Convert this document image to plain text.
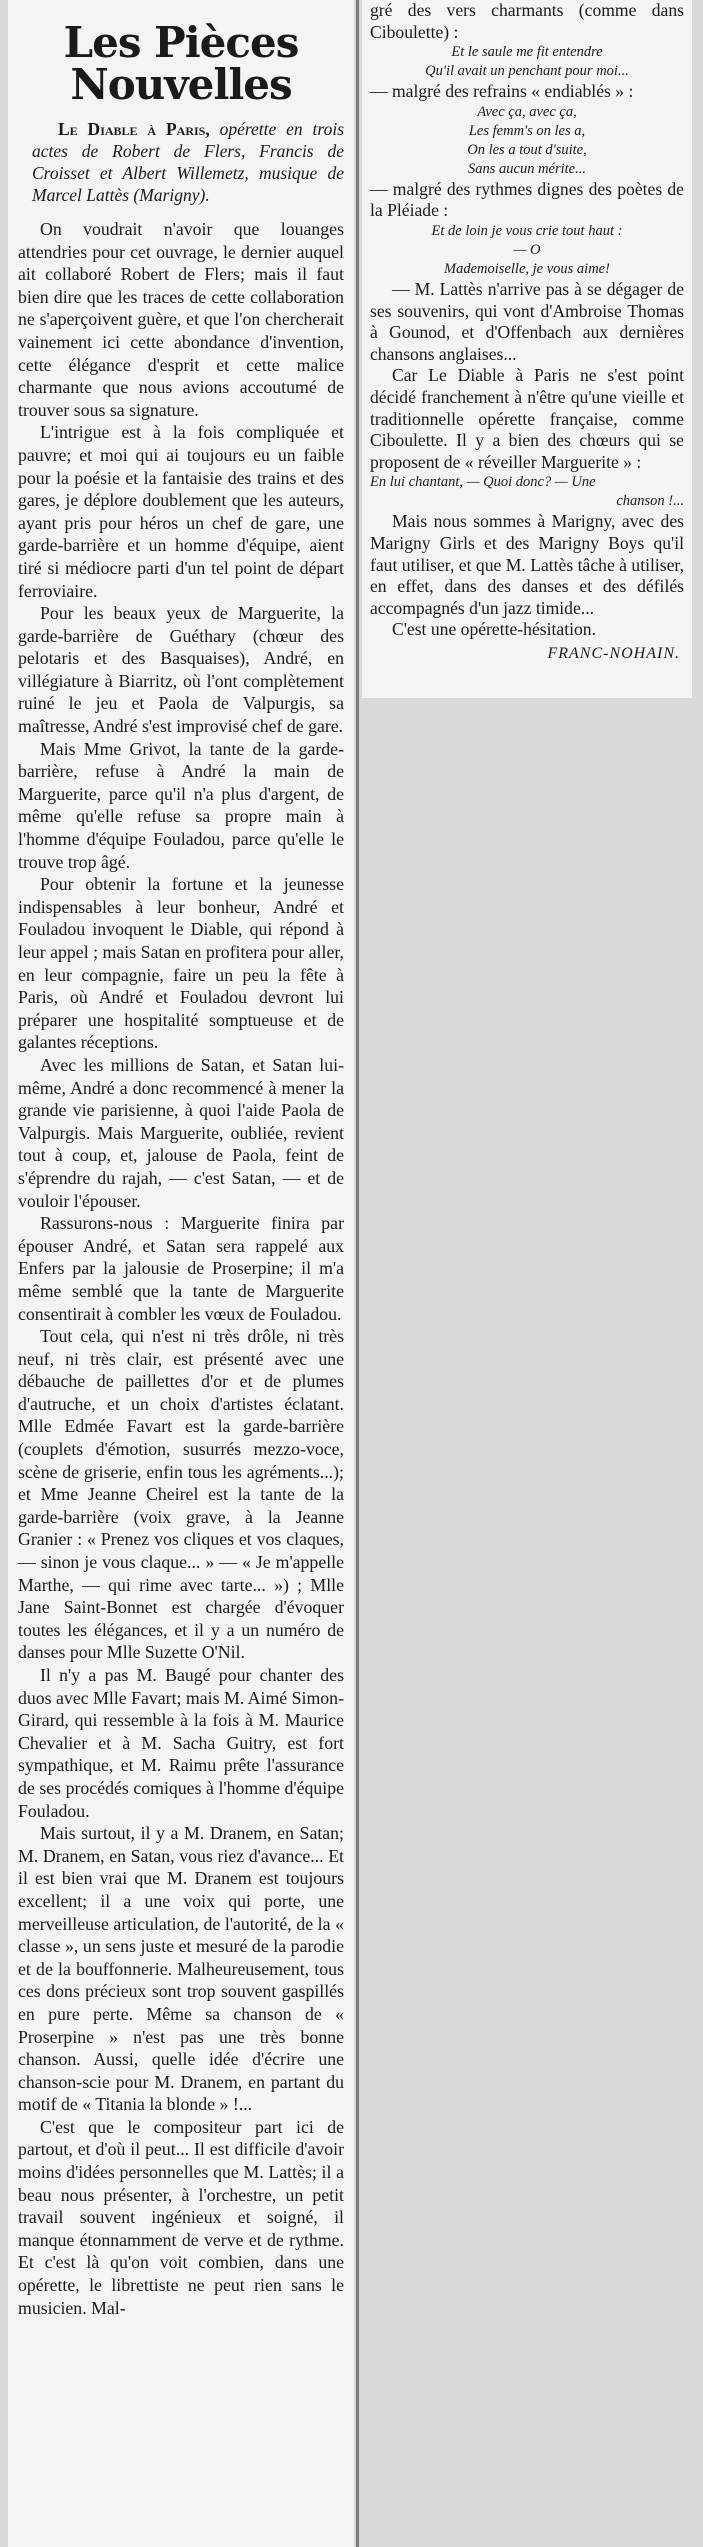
Les Pièces Nouvelles
Le Diable à Paris, opérette en trois actes de Robert de Flers, Francis de Croisset et Albert Willemetz, musique de Marcel Lattès (Marigny).

On voudrait n'avoir que louanges attendries pour cet ouvrage, le dernier auquel ait collaboré Robert de Flers; mais il faut bien dire que les traces de cette collaboration ne s'aperçoivent guère, et que l'on chercherait vainement ici cette abondance d'invention, cette élégance d'esprit et cette malice charmante que nous avions accoutumé de trouver sous sa signature.

L'intrigue est à la fois compliquée et pauvre; et moi qui ai toujours eu un faible pour la poésie et la fantaisie des trains et des gares, je déplore doublement que les auteurs, ayant pris pour héros un chef de gare, une garde-barrière et un homme d'équipe, aient tiré si médiocre parti d'un tel point de départ ferroviaire.

Pour les beaux yeux de Marguerite, la garde-barrière de Guéthary (chœur des pelotaris et des Basquaises), André, en villégiature à Biarritz, où l'ont complètement ruiné le jeu et Paola de Valpurgis, sa maîtresse, André s'est improvisé chef de gare.

Mais Mme Grivot, la tante de la garde-barrière, refuse à André la main de Marguerite, parce qu'il n'a plus d'argent, de même qu'elle refuse sa propre main à l'homme d'équipe Fouladou, parce qu'elle le trouve trop âgé.

Pour obtenir la fortune et la jeunesse indispensables à leur bonheur, André et Fouladou invoquent le Diable, qui répond à leur appel ; mais Satan en profitera pour aller, en leur compagnie, faire un peu la fête à Paris, où André et Fouladou devront lui préparer une hospitalité somptueuse et de galantes réceptions.

Avec les millions de Satan, et Satan lui-même, André a donc recommencé à mener la grande vie parisienne, à quoi l'aide Paola de Valpurgis. Mais Marguerite, oubliée, revient tout à coup, et, jalouse de Paola, feint de s'éprendre du rajah, — c'est Satan, — et de vouloir l'épouser.

Rassurons-nous : Marguerite finira par épouser André, et Satan sera rappelé aux Enfers par la jalousie de Proserpine; il m'a même semblé que la tante de Marguerite consentirait à combler les vœux de Fouladou.

Tout cela, qui n'est ni très drôle, ni très neuf, ni très clair, est présenté avec une débauche de paillettes d'or et de plumes d'autruche, et un choix d'artistes éclatant. Mlle Edmée Favart est la garde-barrière (couplets d'émotion, susurrés mezzo-voce, scène de griserie, enfin tous les agréments...); et Mme Jeanne Cheirel est la tante de la garde-barrière (voix grave, à la Jeanne Granier : « Prenez vos cliques et vos claques, — sinon je vous claque... » — « Je m'appelle Marthe, — qui rime avec tarte... ») ; Mlle Jane Saint-Bonnet est chargée d'évoquer toutes les élégances, et il y a un numéro de danses pour Mlle Suzette O'Nil.

Il n'y a pas M. Baugé pour chanter des duos avec Mlle Favart; mais M. Aimé Simon-Girard, qui ressemble à la fois à M. Maurice Chevalier et à M. Sacha Guitry, est fort sympathique, et M. Raimu prête l'assurance de ses procédés comiques à l'homme d'équipe Fouladou.

Mais surtout, il y a M. Dranem, en Satan; M. Dranem, en Satan, vous riez d'avance... Et il est bien vrai que M. Dranem est toujours excellent; il a une voix qui porte, une merveilleuse articulation, de l'autorité, de la « classe », un sens juste et mesuré de la parodie et de la bouffonnerie. Malheureusement, tous ces dons précieux sont trop souvent gaspillés en pure perte. Même sa chanson de « Proserpine » n'est pas une très bonne chanson. Aussi, quelle idée d'écrire une chanson-scie pour M. Dranem, en partant du motif de « Titania la blonde » !...

C'est que le compositeur part ici de partout, et d'où il peut... Il est difficile d'avoir moins d'idées personnelles que M. Lattès; il a beau nous présenter, à l'orchestre, un petit travail souvent ingénieux et soigné, il manque étonnamment de verve et de rythme. Et c'est là qu'on voit combien, dans une opérette, le librettiste ne peut rien sans le musicien. Mal-

gré des vers charmants (comme dans Ciboulette) :

Et le saule me fit entendre

Qu'il avait un penchant pour moi...

— malgré des refrains « endiablés » :

Avec ça, avec ça,

Les femm's on les a,

On les a tout d'suite,

Sans aucun mérite...

— malgré des rythmes dignes des poètes de la Pléiade :

Et de loin je vous crie tout haut :

— O

Mademoiselle, je vous aime!

— M. Lattès n'arrive pas à se dégager de ses souvenirs, qui vont d'Ambroise Thomas à Gounod, et d'Offenbach aux dernières chansons anglaises...

Car Le Diable à Paris ne s'est point décidé franchement à n'être qu'une vieille et traditionnelle opérette française, comme Ciboulette. Il y a bien des chœurs qui se proposent de « réveiller Marguerite » :

En lui chantant, — Quoi donc? — Une

chanson !...

Mais nous sommes à Marigny, avec des Marigny Girls et des Marigny Boys qu'il faut utiliser, et que M. Lattès tâche à utiliser, en effet, dans des danses et des défilés accompagnés d'un jazz timide...

C'est une opérette-hésitation.

FRANC-NOHAIN.
